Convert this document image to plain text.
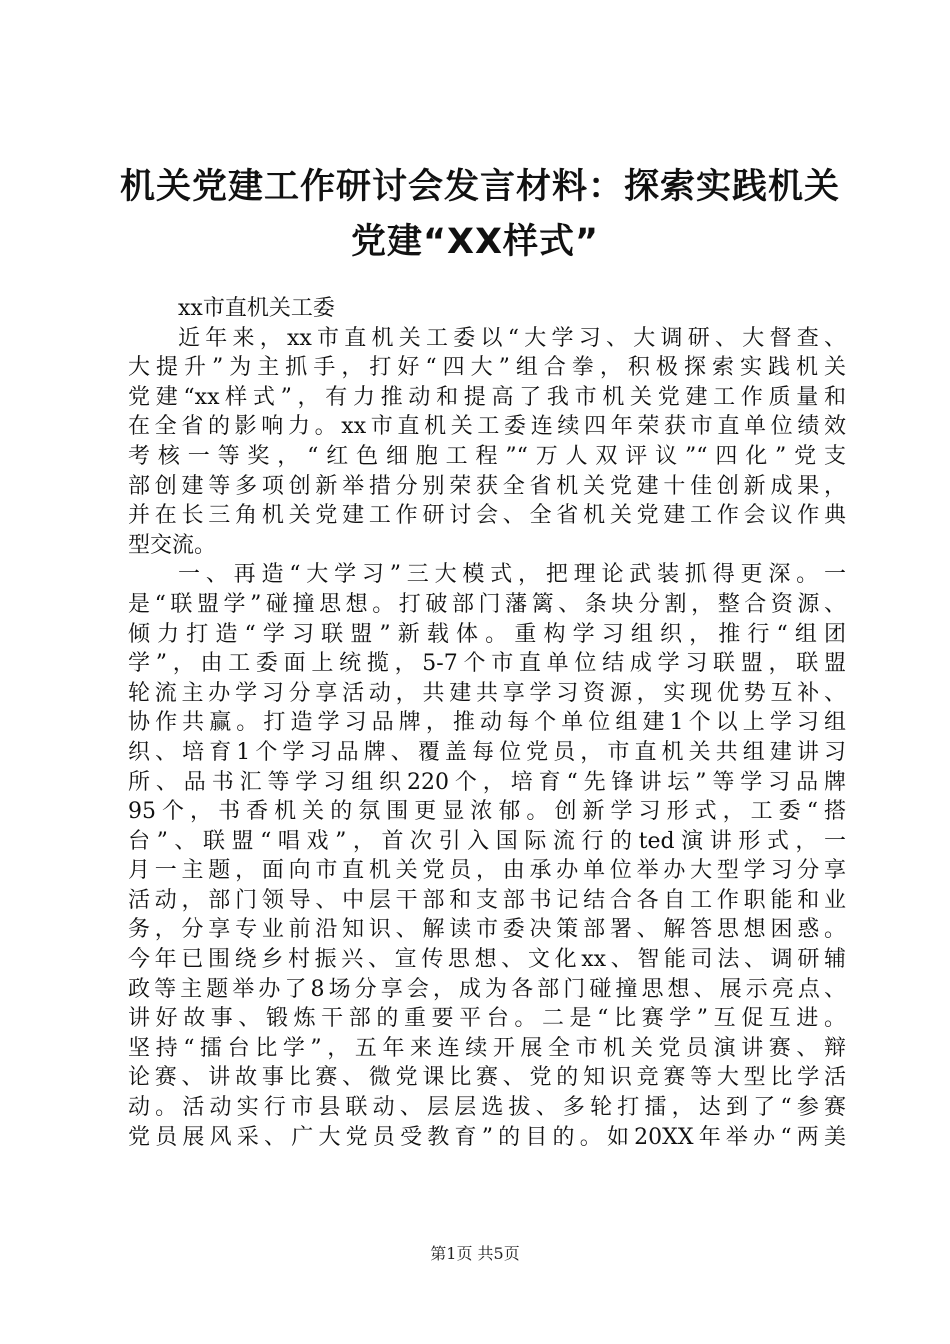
机关党建工作研讨会发言材料：探索实践机关
党建“XX样式”
xx市直机关工委
近年来，xx市直机关工委以“大学习、大调研、大督查、
大提升”为主抓手，打好“四大”组合拳，积极探索实践机关
党建“xx样式”，有力推动和提高了我市机关党建工作质量和
在全省的影响力。xx市直机关工委连续四年荣获市直单位绩效
考核一等奖，“红色细胞工程”“万人双评议”“四化”党支
部创建等多项创新举措分别荣获全省机关党建十佳创新成果，
并在长三角机关党建工作研讨会、全省机关党建工作会议作典
型交流。
一、再造“大学习”三大模式，把理论武装抓得更深。一
是“联盟学”碰撞思想。打破部门藩篱、条块分割，整合资源、
倾力打造“学习联盟”新载体。重构学习组织，推行“组团
学”，由工委面上统揽，5-7个市直单位结成学习联盟，联盟
轮流主办学习分享活动，共建共享学习资源，实现优势互补、
协作共赢。打造学习品牌，推动每个单位组建1个以上学习组
织、培育1个学习品牌、覆盖每位党员，市直机关共组建讲习
所、品书汇等学习组织220个，培育“先锋讲坛”等学习品牌
95个，书香机关的氛围更显浓郁。创新学习形式，工委“搭
台”、联盟“唱戏”，首次引入国际流行的ted演讲形式，一
月一主题，面向市直机关党员，由承办单位举办大型学习分享
活动，部门领导、中层干部和支部书记结合各自工作职能和业
务，分享专业前沿知识、解读市委决策部署、解答思想困惑。
今年已围绕乡村振兴、宣传思想、文化xx、智能司法、调研辅
政等主题举办了8场分享会，成为各部门碰撞思想、展示亮点、
讲好故事、锻炼干部的重要平台。二是“比赛学”互促互进。
坚持“擂台比学”，五年来连续开展全市机关党员演讲赛、辩
论赛、讲故事比赛、微党课比赛、党的知识竞赛等大型比学活
动。活动实行市县联动、层层选拔、多轮打擂，达到了“参赛
党员展风采、广大党员受教育”的目的。如20XX年举办“两美
第1页 共5页
